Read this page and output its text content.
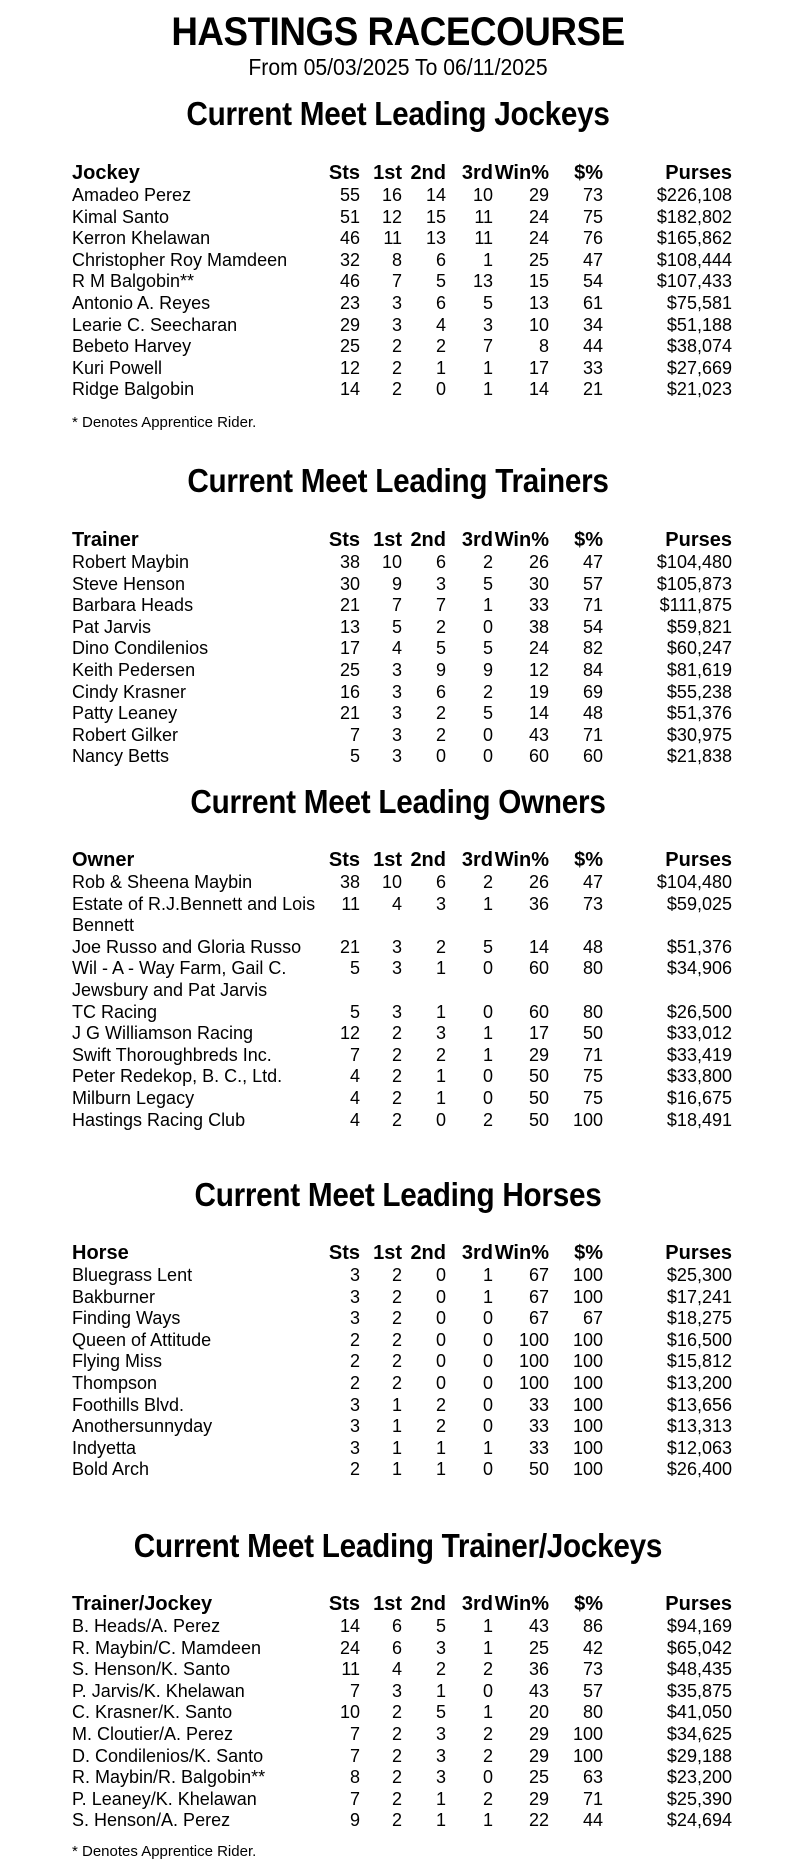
HASTINGS RACECOURSE

From 05/03/2025 To 06/11/2025

Current Meet Leading Jockeys
Jockey	Sts	1st	2nd	3rd	Win%	$%	Purses
Amadeo Perez	55	16	14	10	29	73	$226,108
Kimal Santo	51	12	15	11	24	75	$182,802
Kerron Khelawan	46	11	13	11	24	76	$165,862
Christopher Roy Mamdeen	32	8	6	1	25	47	$108,444
R M Balgobin**	46	7	5	13	15	54	$107,433
Antonio A. Reyes	23	3	6	5	13	61	$75,581
Learie C. Seecharan	29	3	4	3	10	34	$51,188
Bebeto Harvey	25	2	2	7	8	44	$38,074
Kuri Powell	12	2	1	1	17	33	$27,669
Ridge Balgobin	14	2	0	1	14	21	$21,023
* Denotes Apprentice Rider.
Current Meet Leading Trainers
Trainer	Sts	1st	2nd	3rd	Win%	$%	Purses
Robert Maybin	38	10	6	2	26	47	$104,480
Steve Henson	30	9	3	5	30	57	$105,873
Barbara Heads	21	7	7	1	33	71	$111,875
Pat Jarvis	13	5	2	0	38	54	$59,821
Dino Condilenios	17	4	5	5	24	82	$60,247
Keith Pedersen	25	3	9	9	12	84	$81,619
Cindy Krasner	16	3	6	2	19	69	$55,238
Patty Leaney	21	3	2	5	14	48	$51,376
Robert Gilker	7	3	2	0	43	71	$30,975
Nancy Betts	5	3	0	0	60	60	$21,838
Current Meet Leading Owners
Owner	Sts	1st	2nd	3rd	Win%	$%	Purses
Rob & Sheena Maybin	38	10	6	2	26	47	$104,480
Estate of R.J.Bennett and Lois Bennett	11	4	3	1	36	73	$59,025
Joe Russo and Gloria Russo	21	3	2	5	14	48	$51,376
Wil - A - Way Farm, Gail C. Jewsbury and Pat Jarvis	5	3	1	0	60	80	$34,906
TC Racing	5	3	1	0	60	80	$26,500
J G Williamson Racing	12	2	3	1	17	50	$33,012
Swift Thoroughbreds Inc.	7	2	2	1	29	71	$33,419
Peter Redekop, B. C., Ltd.	4	2	1	0	50	75	$33,800
Milburn Legacy	4	2	1	0	50	75	$16,675
Hastings Racing Club	4	2	0	2	50	100	$18,491
Current Meet Leading Horses
Horse	Sts	1st	2nd	3rd	Win%	$%	Purses
Bluegrass Lent	3	2	0	1	67	100	$25,300
Bakburner	3	2	0	1	67	100	$17,241
Finding Ways	3	2	0	0	67	67	$18,275
Queen of Attitude	2	2	0	0	100	100	$16,500
Flying Miss	2	2	0	0	100	100	$15,812
Thompson	2	2	0	0	100	100	$13,200
Foothills Blvd.	3	1	2	0	33	100	$13,656
Anothersunnyday	3	1	2	0	33	100	$13,313
Indyetta	3	1	1	1	33	100	$12,063
Bold Arch	2	1	1	0	50	100	$26,400
Current Meet Leading Trainer/Jockeys
Trainer/Jockey	Sts	1st	2nd	3rd	Win%	$%	Purses
B. Heads/A. Perez	14	6	5	1	43	86	$94,169
R. Maybin/C. Mamdeen	24	6	3	1	25	42	$65,042
S. Henson/K. Santo	11	4	2	2	36	73	$48,435
P. Jarvis/K. Khelawan	7	3	1	0	43	57	$35,875
C. Krasner/K. Santo	10	2	5	1	20	80	$41,050
M. Cloutier/A. Perez	7	2	3	2	29	100	$34,625
D. Condilenios/K. Santo	7	2	3	2	29	100	$29,188
R. Maybin/R. Balgobin**	8	2	3	0	25	63	$23,200
P. Leaney/K. Khelawan	7	2	1	2	29	71	$25,390
S. Henson/A. Perez	9	2	1	1	22	44	$24,694
* Denotes Apprentice Rider.
